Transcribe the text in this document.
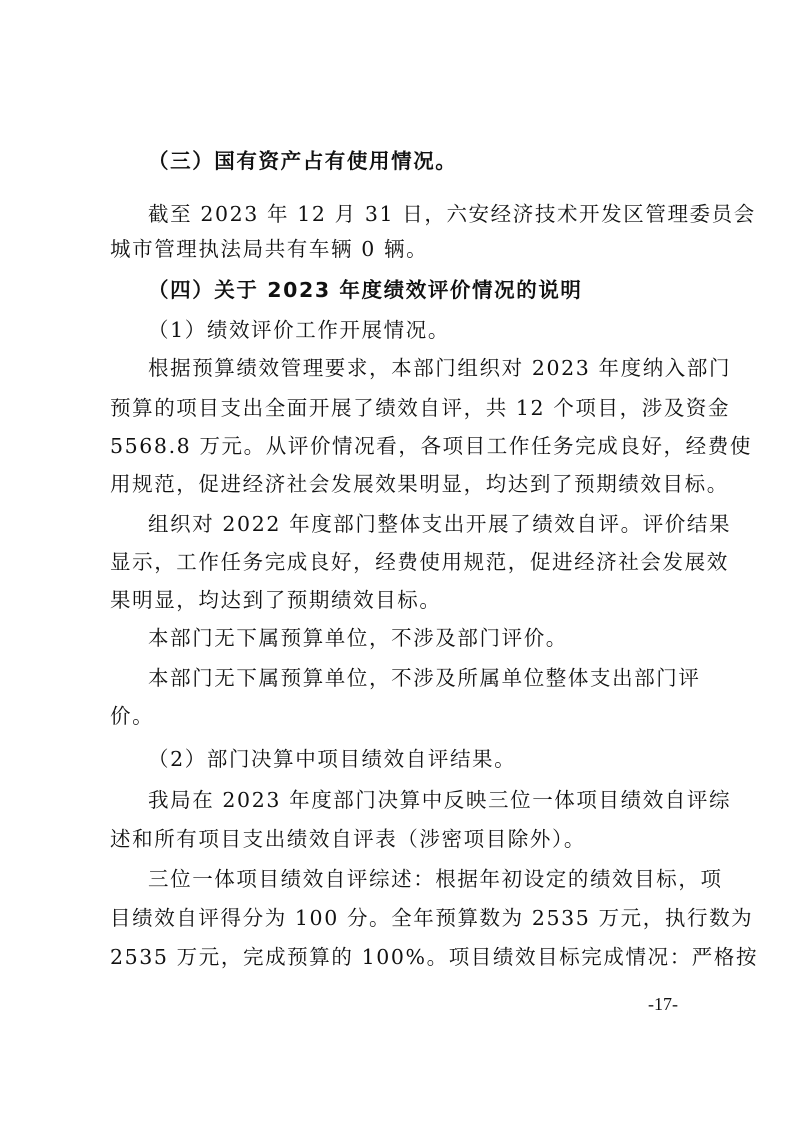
（三）国有资产占有使用情况。
截至 2023 年 12 月 31 日，六安经济技术开发区管理委员会
城市管理执法局共有车辆 0 辆。
（四）关于 2023 年度绩效评价情况的说明
（1）绩效评价工作开展情况。
根据预算绩效管理要求，本部门组织对 2023 年度纳入部门
预算的项目支出全面开展了绩效自评，共 12 个项目，涉及资金
5568.8 万元。从评价情况看，各项目工作任务完成良好，经费使
用规范，促进经济社会发展效果明显，均达到了预期绩效目标。
组织对 2022 年度部门整体支出开展了绩效自评。评价结果
显示，工作任务完成良好，经费使用规范，促进经济社会发展效
果明显，均达到了预期绩效目标。
本部门无下属预算单位，不涉及部门评价。
本部门无下属预算单位，不涉及所属单位整体支出部门评
价。
（2）部门决算中项目绩效自评结果。
我局在 2023 年度部门决算中反映三位一体项目绩效自评综
述和所有项目支出绩效自评表（涉密项目除外）。
三位一体项目绩效自评综述：根据年初设定的绩效目标，项
目绩效自评得分为 100 分。全年预算数为 2535 万元，执行数为
2535 万元，完成预算的 100%。项目绩效目标完成情况：严格按
-17-
